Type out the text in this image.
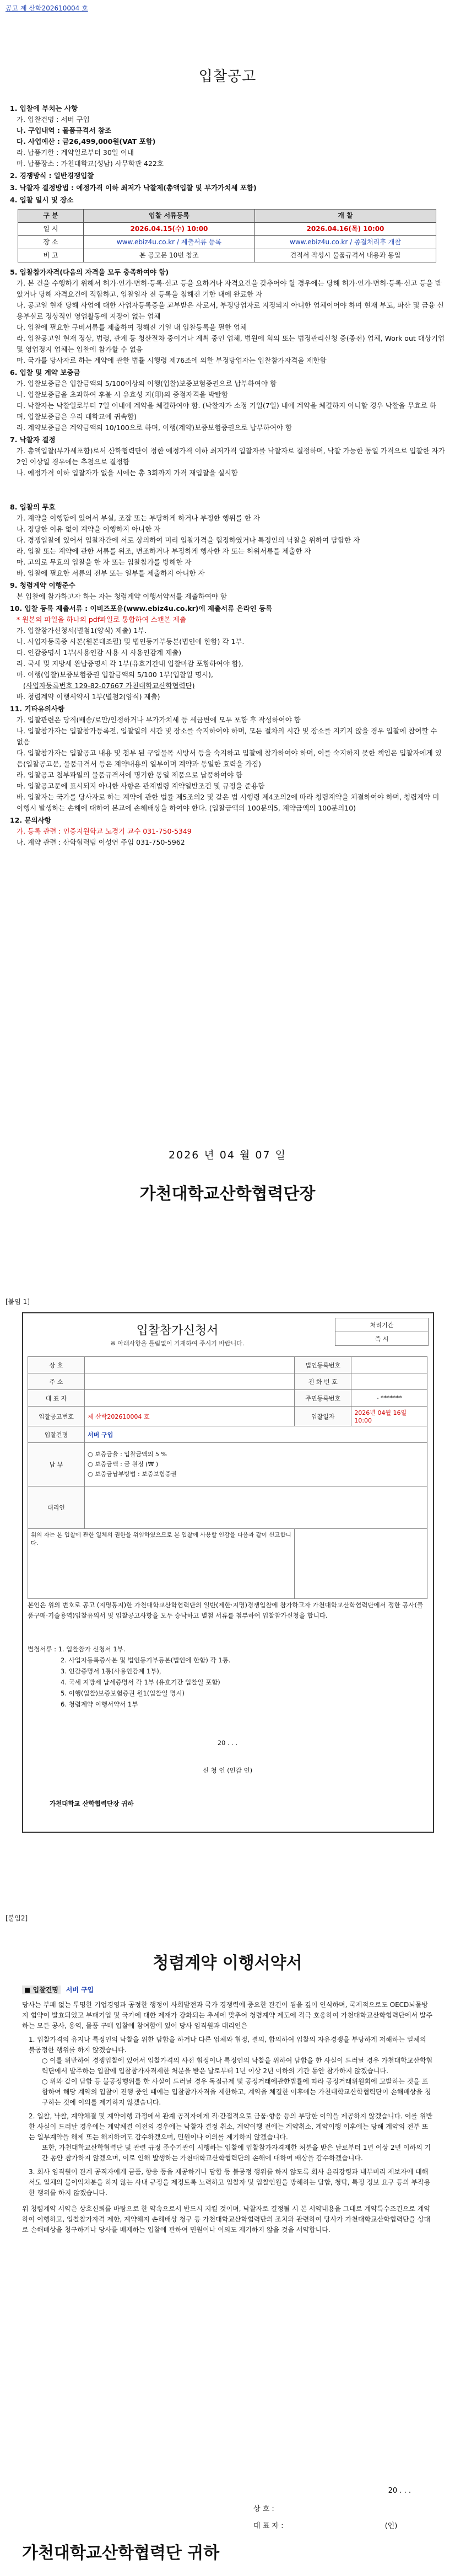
공고 제 산학2026​10004 호
입찰공고
1. 입찰에 부치는 사항
가. 입찰건명 : 서버 구입
나. 구입내역 : 물품규격서 참조
다. 사업예산 : 금26,499,000원(VAT 포함)
라. 납품기한 : 계약일로부터 30일 이내
마. 납품장소 : 가천대학교(성남) 사무학관 422호
2. 경쟁방식 : 일반경쟁입찰
3. 낙찰자 결정방법 : 예정가격 이하 최저가 낙찰제(총액입찰 및 부가가치세 포함)
4. 입찰 일시 및 장소
구 분	입찰 서류등록	개 찰
일 시	2026.04.15(수) 10:00	2026.04.16(목) 10:00
장 소	www.ebiz4u.co.kr / 제출서류 등록	www.ebiz4u.co.kr / 종결처리후 개찰
비 고	본 공고문 10번 참조	견적서 작성시 물품규격서 내용과 동일
5. 입찰참가자격(다음의 자격을 모두 충족하여야 함)
가. 본 건을 수행하기 위해서 허가·인가·면허·등록·신고 등을 요하거나 자격요건을 갖추어야 할 경우에는 당해 허가·인가·면허·등록·신고 등을 받았거나 당해 자격요건에 적합하고, 입찰일자 전 등록을 첨해진 기한 내에 완료한 자
나. 공고일 현재 당해 사업에 대한 사업자등록증을 교부받은 사로서, 부정당업자로 지정되지 아니한 업체이어야 하며 현재 부도, 파산 및 금융 신용부실로 정상적인 영업활동에 지장이 없는 업체
다. 입찰에 필요한 구비서류를 제출하여 정해진 기일 내 입찰등록을 필한 업체
라. 입찰공고일 현재 정상, 법령, 관계 등 청산절차 중이거나 계획 중인 업체, 법원에 회의 또는 법정관리신청 중(종전) 업체, Work out 대상기업 및 영업정지 업체는 입찰에 참가할 수 없음
마. 국가를 당사자로 하는 계약에 관한 법률 시행령 제76조에 의한 부정당업자는 입찰참가자격을 제한함
6. 입찰 및 계약 보증금
가. 입찰보증금은 입찰금액의 5/100이상의 이행(입찰)보증보험증권으로 납부하여야 함
나. 입찰보증금을 초과하여 후불 시 유효성 지(印)의 중점자격을 박탈함
다. 낙찰자는 낙찰일로부터 7일 이내에 계약을 체결하여야 함. (낙찰자가 소정 기일(7일) 내에 계약을 체결하지 아니할 경우 낙찰을 무효로 하며, 입찰보증금은 우리 대학교에 귀속함)
라. 계약보증금은 계약금액의 10/100으로 하며, 이행(계약)보증보험증권으로 납부하여야 함
7. 낙찰자 결정
가. 총액입찰(부가세포함)로서 산학협력단이 정한 예정가격 이하 최저가격 입찰자를 낙찰자로 결정하며, 낙찰 가능한 동일 가격으로 입찰한 자가 2인 이상일 경우에는 추첨으로 결정함
나. 예정가격 이하 입찰자가 없을 시에는 총 3회까지 가격 재입찰을 실시함
8. 입찰의 무효
가. 계약을 이행함에 있어서 부실, 조잡 또는 부당하게 하거나 부정한 행위를 한 자
나. 정당한 이유 없이 계약을 이행하지 아니한 자
다. 경쟁입찰에 있어서 입찰자간에 서로 상의하여 미리 입찰가격을 협정하였거나 특정인의 낙찰을 위하여 담합한 자
라. 입찰 또는 계약에 관한 서류를 위조, 변조하거나 부정하게 행사한 자 또는 허위서류를 제출한 자
마. 고의로 무효의 입찰을 한 자 또는 입찰참가를 방해한 자
바. 입찰에 필요한 서류의 전부 또는 일부를 제출하지 아니한 자
9. 청렴계약 이행준수
본 입찰에 참가하고자 하는 자는 청렴계약 이행서약서를 제출하여야 함
10. 입찰 등록 제출서류 : 이비즈포유(www.ebiz4u.co.kr)에 제출서류 온라인 등록
* 원본의 파일을 하나의 pdf파일로 통합하여 스캔본 제출
가. 입찰참가신청서(별첨1(양식) 제출) 1부.
나. 사업자등록증 사본(원본대조필) 및 법인등기부등본(법인에 한함) 각 1부.
다. 인감증명서 1부(사용인감 사용 시 사용인감계 제출)
라. 국세 및 지방세 완납증명서 각 1부(유효기간내 입찰마감 포함하여야 함),
마. 이행(입찰)보증보험증권 입찰금액의 5/100 1부(입찰일 명시),
(사업자등록번호 129-82-07667 가천대학교산학협력단)
바. 청렴계약 이행서약서 1부(별첨2(양식) 제출)
11. 기타유의사항
가. 입찰관련은 당직(배송/로만/인정하거나 부가가치세 등 세금변에 모두 포함 후 작성하여야 함
나. 입찰참가자는 입찰참가등록전, 입찰일의 시간 및 장소를 숙지하여야 하며, 모든 절차의 시간 및 장소를 지키지 않을 경우 입찰에 참여할 수 없음
다. 입찰참가자는 입찰공고 내용 및 첨부 된 구입물목 시방서 등을 숙지하고 입찰에 참가하여야 하며, 이를 숙지하지 못한 책임은 입찰자에게 있음(입찰공고문, 물품규격서 등은 계약내용의 일부이며 계약과 동일한 효력을 가짐)
라. 입찰공고 첨부파일의 물품규격서에 명기한 동일 제품으로 납품하여야 함
마. 입찰공고문에 표시되지 아니한 사항은 관계법령 계약일반조건 및 규정을 준용함
바. 입찰자는 국가를 당사자로 하는 계약에 관한 법률 제5조의2 및 같은 법 시행령 제4조의2에 따라 청렴계약을 체결하여야 하며, 청렴계약 미이행시 발생하는 손해에 대하여 본교에 손해배상을 하여야 한다. (입찰금액의 100분의5, 계약금액의 100분의10)
12. 문의사항
가. 등록 관련 : 인증지원학교 노경기 교수 031-750-5349
나. 계약 관련 : 산학협력팀 이성연 주임 031-750-5962
2026 년 04 월 07 일
가천대학교산학협력단장
[붙임 1]
입찰참가신청서
※ 아래사항을 틀림없이 기재하여 주시기 바랍니다.
처리기간
즉 시
상 호		법인등록번호	
주 소		전 화 번 호	
대 표 자		주민등록번호	- *******
입찰공고번호	제 산학2026​10004 호	입찰일자	2026년 04월 16일 10:00
입찰건명	서버 구입		
납 부	○ 보증금율 : 입찰금액의 5 %
○ 보증금액 : 금 원정 (₩ )
○ 보증금납부방법 : 보증보험증권		

대리인			

위의 자는 본 입찰에 관한 일체의 권한을 위임하였으므로 본 입찰에 사용할 인감을 다음과 같이 신고합니다.			

본인은 위의 번호로 공고 (지명통지)한 가천대학교산학협력단의 일반(제한·지명)경쟁입찰에 참가하고자 가천대학교산학협력단에서 정한 공사(물품구매·기술용역)입찰유의서 및 입찰공고사항을 모두 승낙하고 별첨 서류를 첨부하여 입찰참가신청을 합니다.
별첨서류 : 1. 입찰참가 신청서 1부.
2. 사업자등록증사본 및 법인등기부등본(법인에 한함) 각 1통.
3. 인감증명서 1통(사용인감계 1부),
4. 국세 지방세 납세증명서 각 1부 (유효기간 입찰일 포함)
5. 이행(입찰)보증보험증권 원1(입찰일 명시)
6. 청렴계약 이행서약서 1부
20 . . .
신 청 인 (인감 인)
가천대학교 산학협력단장 귀하
[붙임2]
청렴계약 이행서약서
■ 입찰건명 서버 구입
당사는 부패 없는 투명한 기업경영과 공정한 행정이 사회발전과 국가 경쟁력에 중요한 관건이 됨을 깊이 인식하며, 국제적으로도 OECD뇌물방지 협약이 발효되었고 부패기업 및 국가에 대한 제재가 강화되는 추세에 맞추어 청렴계약 제도에 적극 호응하여 가천대학교산학협력단에서 발주하는 모든 공사, 용역, 물품 구매 입찰에 참여함에 있어 당사 임직원과 대리인은
1. 입찰가격의 유지나 특정인의 낙찰을 위한 담합을 하거나 다른 업체와 협정, 결의, 합의하여 입찰의 자유경쟁을 부당하게 저해하는 일체의 불공정한 행위를 하지 않겠습니다.
○ 이를 위반하여 경쟁입찰에 있어서 입찰가격의 사전 협정이나 특정인의 낙찰을 위하여 담합을 한 사실이 드러날 경우 가천대학교산학협력단에서 발주하는 입찰에 입찰참가자격제한 처분을 받은 날로부터 1년 이상 2년 이하의 기간 동안 참가하지 않겠습니다.
○ 위와 같이 담합 등 불공정행위를 한 사실이 드러날 경우 독점규제 및 공정거래에관한법률에 따라 공정거래위원회에 고발하는 것을 포함하여 해당 계약의 입찰이 진행 중인 때에는 입찰참가자격을 제한하고, 계약을 체결한 이후에는 가천대학교산학협력단이 손해배상을 청구하는 것에 이의를 제기하지 않겠습니다.
2. 입찰, 낙찰, 계약체결 및 계약이행 과정에서 관계 공직자에게 직·간접적으로 금품·향응 등의 부당한 이익을 제공하지 않겠습니다. 이를 위반한 사실이 드러날 경우에는 계약체결 이전의 경우에는 낙찰자 결정 취소, 계약이행 전에는 계약취소, 계약이행 이후에는 당해 계약의 전부 또는 일부계약을 해제 또는 해지하여도 감수하겠으며, 민원이나 이의를 제기하지 않겠습니다.
또한, 가천대학교산학협력단 및 관련 규정 준수기관이 시행하는 입찰에 입찰참가자격제한 처분을 받은 날로부터 1년 이상 2년 이하의 기간 동안 참가하지 않겠으며, 이로 인해 발생하는 가천대학교산학협력단의 손해에 대하여 배상을 감수하겠습니다.
3. 회사 임직원이 관계 공직자에게 금품, 향응 등을 제공하거나 담합 등 불공정 행위를 하지 않도록 회사 윤리강령과 내부비리 제보자에 대해서도 일체의 불이익처분을 하지 않는 사내 규정을 제정토록 노력하고 입찰자 및 입찰인원을 방해하는 담합, 청탁, 특정 정보 요구 등의 부작용한 행위를 하지 않겠습니다.
위 청렴계약 서약은 상호신뢰를 바탕으로 한 약속으로서 반드시 지킬 것이며, 낙찰자로 결정될 시 본 서약내용을 그대로 계약특수조건으로 계약하여 이행하고, 입찰참가자격 제한, 계약해지 손해배상 청구 등 가천대학교산학협력단의 조치와 관련하여 당사가 가천대학교산학협력단을 상대로 손해배상을 청구하거나 당사를 배제하는 입찰에 관하여 민원이나 이의도 제기하지 않을 것을 서약합니다.
20 . . .
상 호 :
대 표 자 :	(인)
가천대학교산학협력단 귀하
